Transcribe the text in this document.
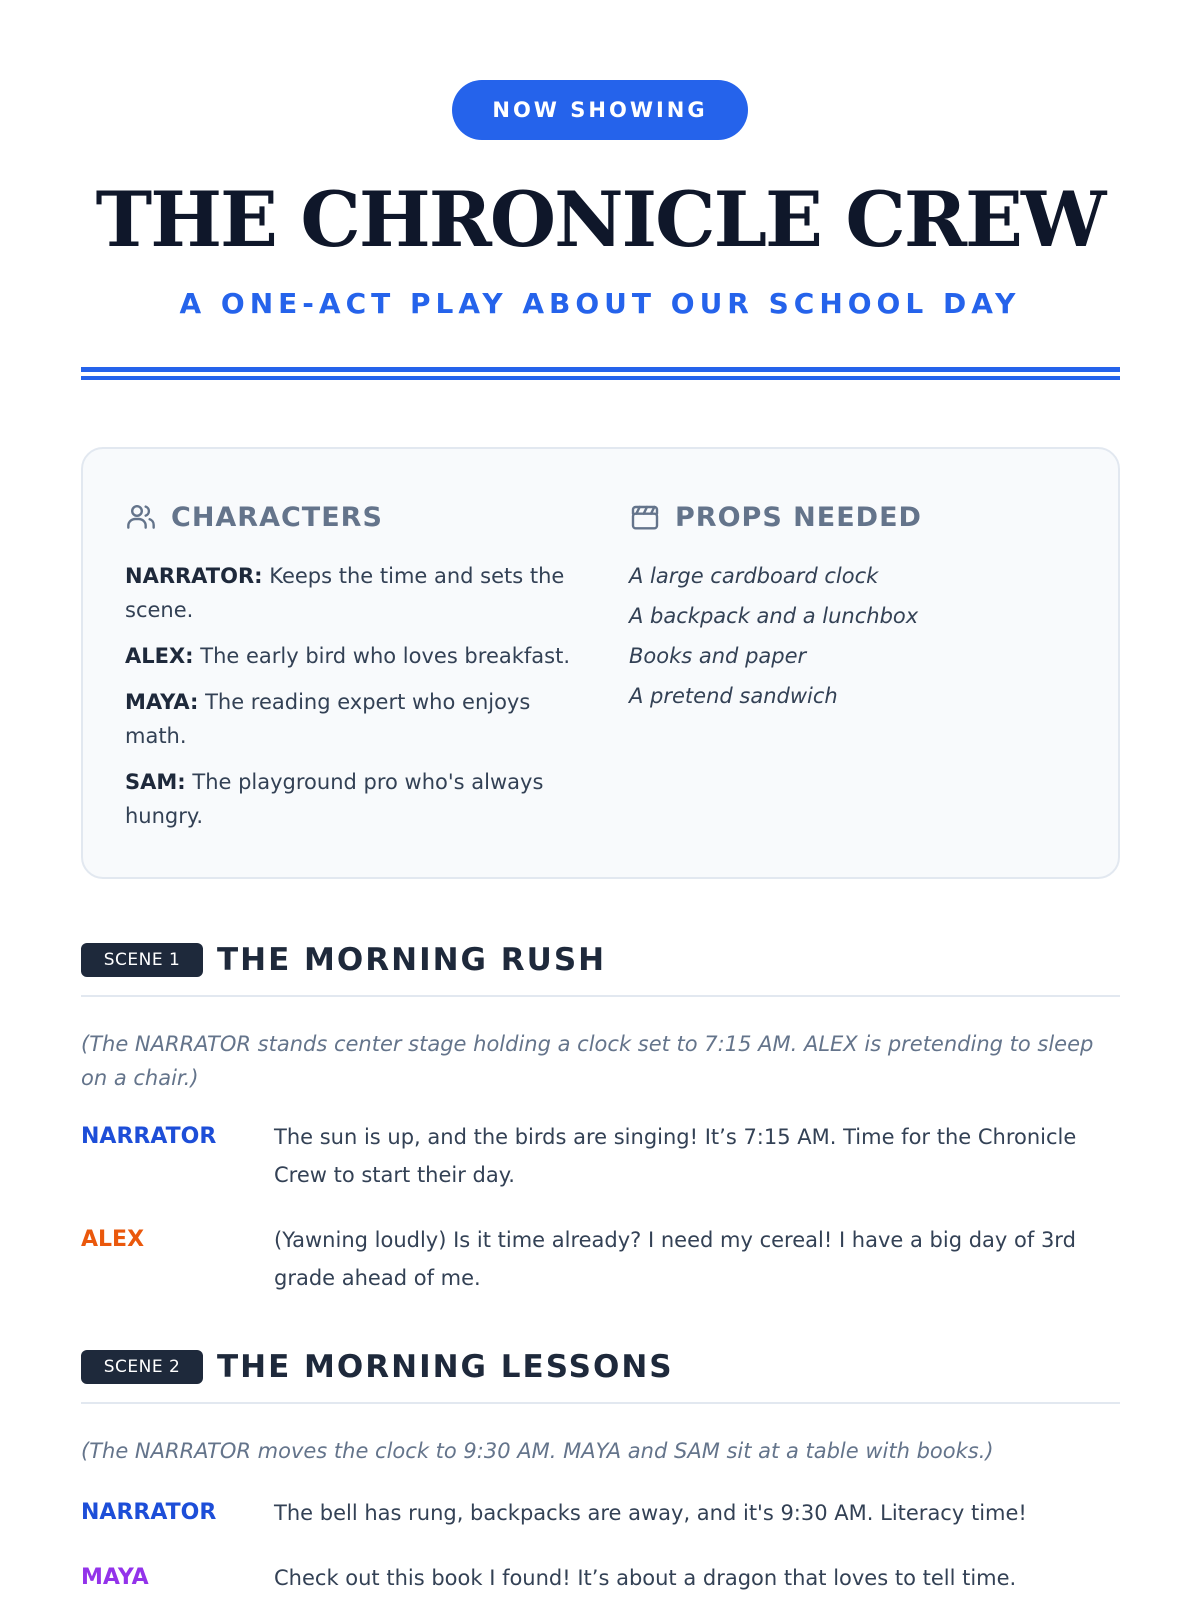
NOW SHOWING
THE CHRONICLE CREW
A ONE-ACT PLAY ABOUT OUR SCHOOL DAY
CHARACTERS
NARRATOR: Keeps the time and sets the scene.
ALEX: The early bird who loves breakfast.
MAYA: The reading expert who enjoys math.
SAM: The playground pro who's always hungry.
PROPS NEEDED
A large cardboard clock
A backpack and a lunchbox
Books and paper
A pretend sandwich
SCENE 1	THE MORNING RUSH
(The NARRATOR stands center stage holding a clock set to 7:15 AM. ALEX is pretending to sleep on a chair.)
NARRATOR	The sun is up, and the birds are singing! It’s 7:15 AM. Time for the Chronicle Crew to start their day.
ALEX	(Yawning loudly) Is it time already? I need my cereal! I have a big day of 3rd grade ahead of me.
SCENE 2	THE MORNING LESSONS
(The NARRATOR moves the clock to 9:30 AM. MAYA and SAM sit at a table with books.)
NARRATOR	The bell has rung, backpacks are away, and it's 9:30 AM. Literacy time!
MAYA	Check out this book I found! It’s about a dragon that loves to tell time.
